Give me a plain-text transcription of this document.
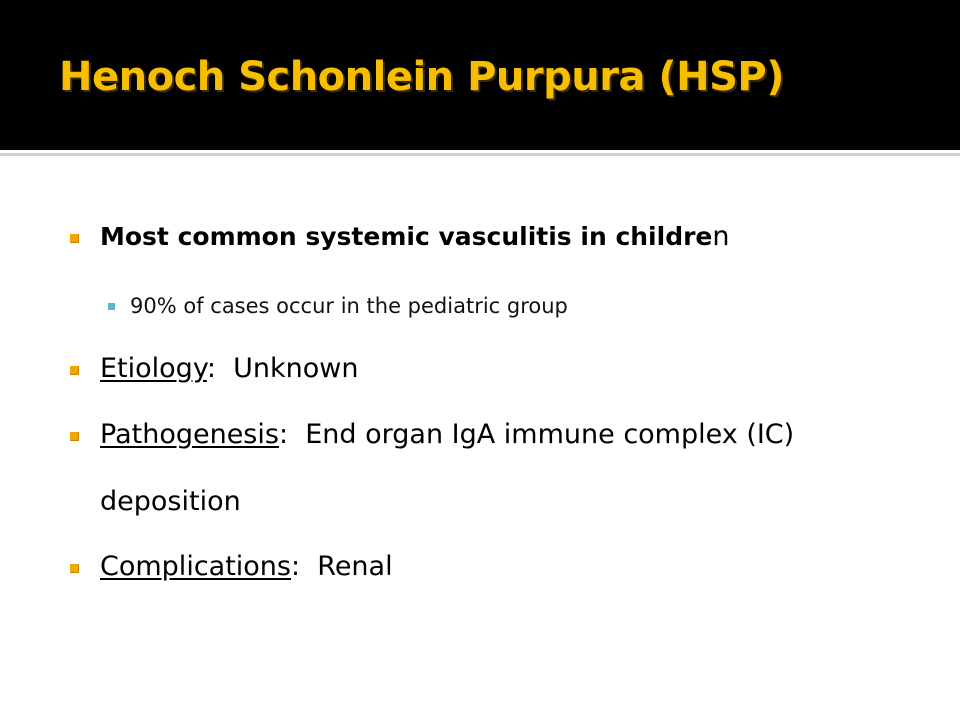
Henoch Schonlein Purpura (HSP)
Most common systemic vasculitis in children
90% of cases occur in the pediatric group
Etiology:  Unknown
Pathogenesis:  End organ IgA immune complex (IC)
deposition
Complications:  Renal
